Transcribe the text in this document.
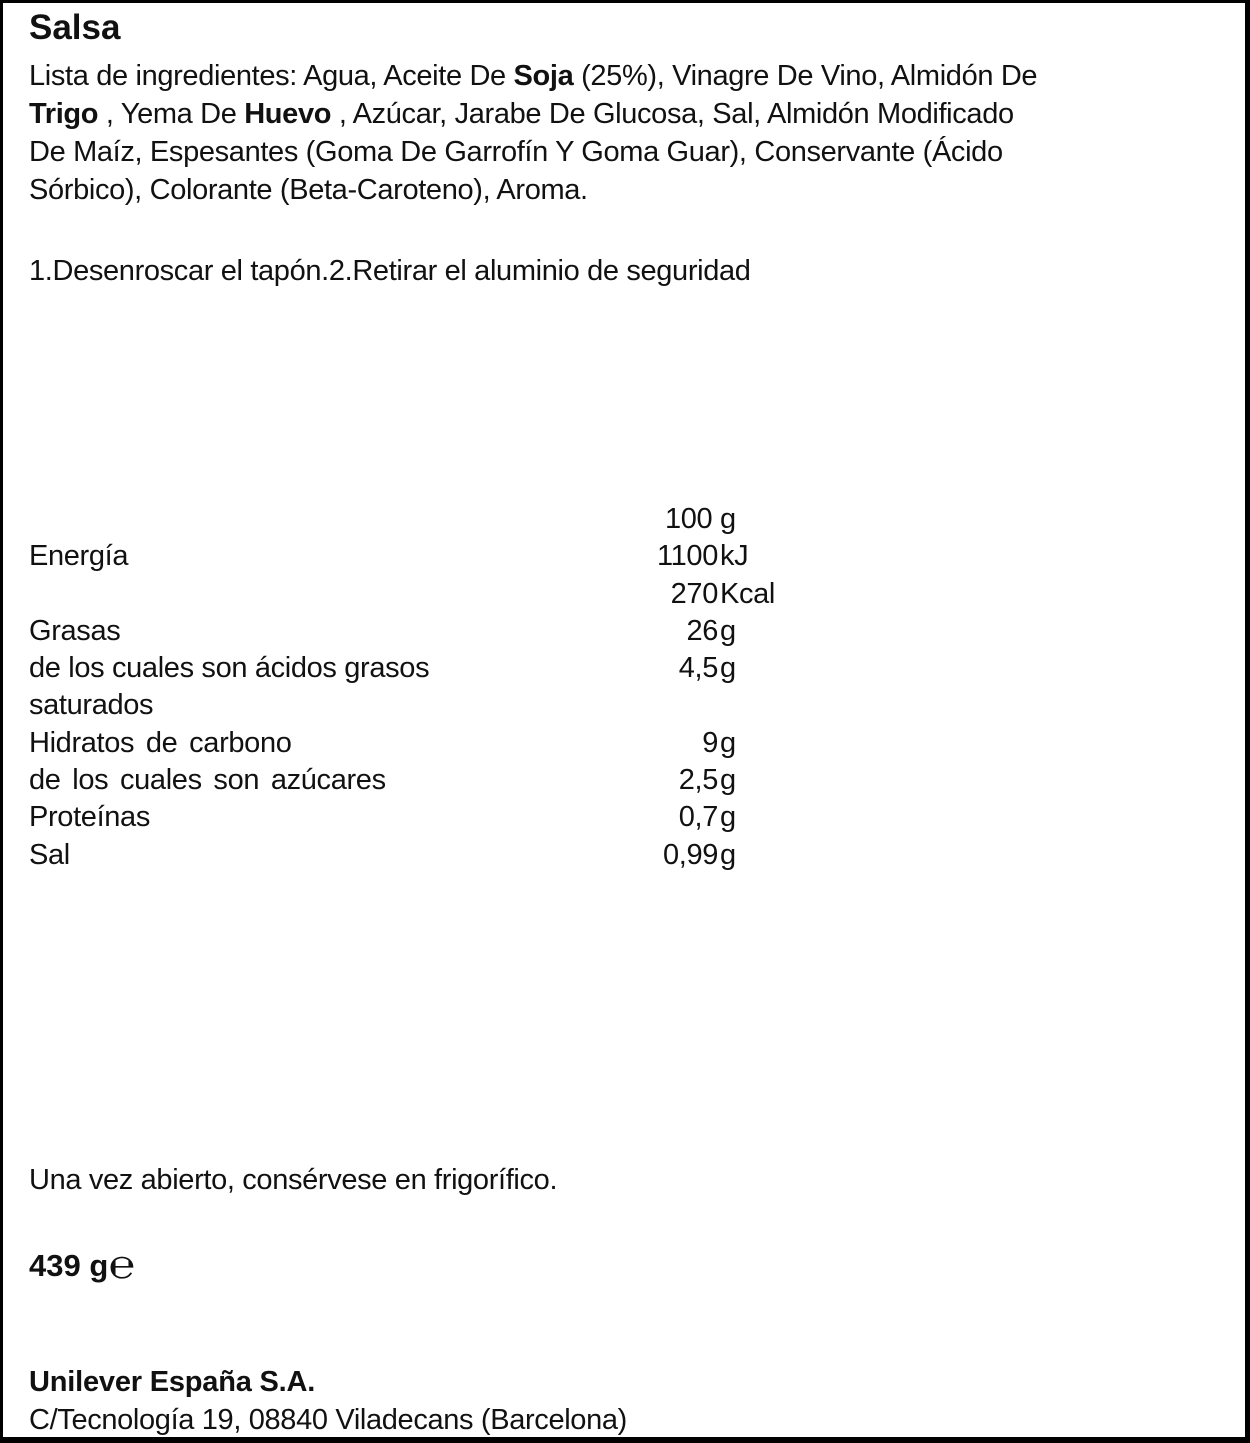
Salsa
Lista de ingredientes: Agua, Aceite De Soja (25%), Vinagre De Vino, Almidón De
Trigo , Yema De Huevo , Azúcar, Jarabe De Glucosa, Sal, Almidón Modificado
De Maíz, Espesantes (Goma De Garrofín Y Goma Guar), Conservante (Ácido
Sórbico), Colorante (Beta-Caroteno), Aroma.
1.Desenroscar el tapón.2.Retirar el aluminio de seguridad
100 g
Energía	1100 kJ
270 Kcal
Grasas	26 g
de los cuales son ácidos grasos	4,5 g
saturados
Hidratos de carbono	9 g
de los cuales son azúcares	2,5 g
Proteínas	0,7 g
Sal	0,99 g
Una vez abierto, consérvese en frigorífico.
439 g℮
Unilever España S.A.
C/Tecnología 19, 08840 Viladecans (Barcelona)
